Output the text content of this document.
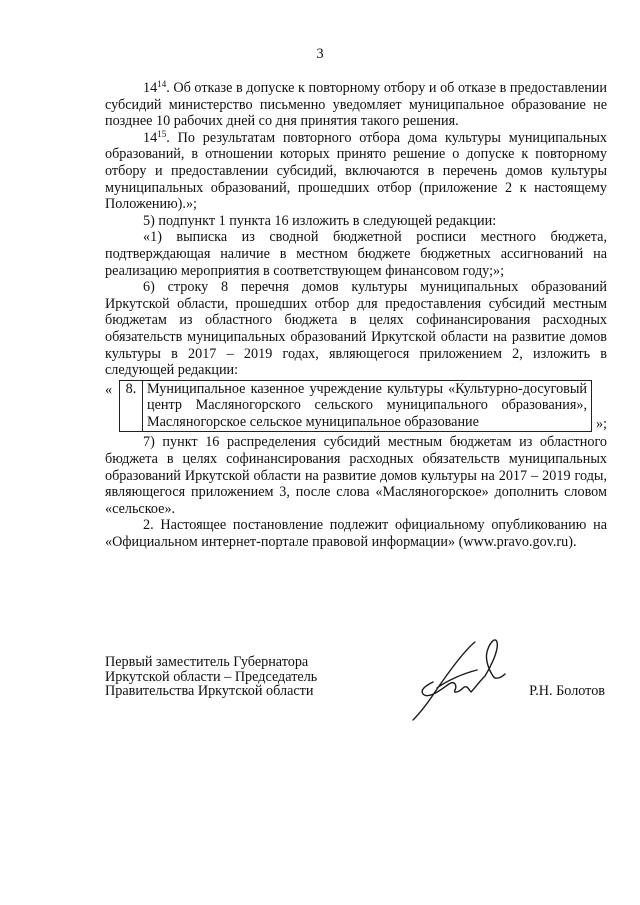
3

$14^{14}$. Об отказе в допуске к повторному отбору и об отказе в предоставлении субсидий министерство письменно уведомляет муниципальное образование не позднее 10 рабочих дней со дня принятия такого решения.

$14^{15}$. По результатам повторного отбора дома культуры муниципальных образований, в отношении которых принято решение о допуске к повторному отбору и предоставлении субсидий, включаются в перечень домов культуры муниципальных образований, прошедших отбор (приложение 2 к настоящему Положению).»;

5) подпункт 1 пункта 16 изложить в следующей редакции:

«1) выписка из сводной бюджетной росписи местного бюджета, подтверждающая наличие в местном бюджете бюджетных ассигнований на реализацию мероприятия в соответствующем финансовом году;»;

6) строку 8 перечня домов культуры муниципальных образований Иркутской области, прошедших отбор для предоставления субсидий местным бюджетам из областного бюджета в целях софинансирования расходных обязательств муниципальных образований Иркутской области на развитие домов культуры в 2017 – 2019 годах, являющегося приложением 2, изложить в следующей редакции:

« 8.	Муниципальное казенное учреждение культуры «Культурно-досуговый центр Масляногорского сельского муниципального образования», Масляногорское сельское муниципальное образование	»;

7) пункт 16 распределения субсидий местным бюджетам из областного бюджета в целях софинансирования расходных обязательств муниципальных образований Иркутской области на развитие домов культуры на 2017 – 2019 годы, являющегося приложением 3, после слова «Масляногорское» дополнить словом «сельское».

2. Настоящее постановление подлежит официальному опубликованию на «Официальном интернет-портале правовой информации» (www.pravo.gov.ru).

Первый заместитель Губернатора
Иркутской области – Председатель
Правительства Иркутской области	Р.Н. Болотов
